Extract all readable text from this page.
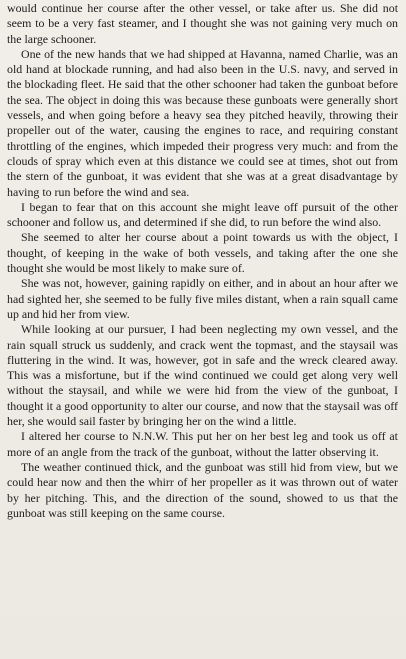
would continue her course after the other vessel, or take after us. She did not seem to be a very fast steamer, and I thought she was not gaining very much on the large schooner.

One of the new hands that we had shipped at Havanna, named Charlie, was an old hand at blockade running, and had also been in the U.S. navy, and served in the blockading fleet. He said that the other schooner had taken the gunboat before the sea. The object in doing this was because these gunboats were generally short vessels, and when going before a heavy sea they pitched heavily, throwing their propeller out of the water, causing the engines to race, and requiring constant throttling of the engines, which impeded their progress very much: and from the clouds of spray which even at this distance we could see at times, shot out from the stern of the gunboat, it was evident that she was at a great disadvantage by having to run before the wind and sea.

I began to fear that on this account she might leave off pursuit of the other schooner and follow us, and determined if she did, to run before the wind also.

She seemed to alter her course about a point towards us with the object, I thought, of keeping in the wake of both vessels, and taking after the one she thought she would be most likely to make sure of.

She was not, however, gaining rapidly on either, and in about an hour after we had sighted her, she seemed to be fully five miles distant, when a rain squall came up and hid her from view.

While looking at our pursuer, I had been neglecting my own vessel, and the rain squall struck us suddenly, and crack went the topmast, and the staysail was fluttering in the wind. It was, however, got in safe and the wreck cleared away. This was a misfortune, but if the wind continued we could get along very well without the staysail, and while we were hid from the view of the gunboat, I thought it a good opportunity to alter our course, and now that the staysail was off her, she would sail faster by bringing her on the wind a little.

I altered her course to N.N.W. This put her on her best leg and took us off at more of an angle from the track of the gunboat, without the latter observing it.

The weather continued thick, and the gunboat was still hid from view, but we could hear now and then the whirr of her propeller as it was thrown out of water by her pitching. This, and the direction of the sound, showed to us that the gunboat was still keeping on the same course.
